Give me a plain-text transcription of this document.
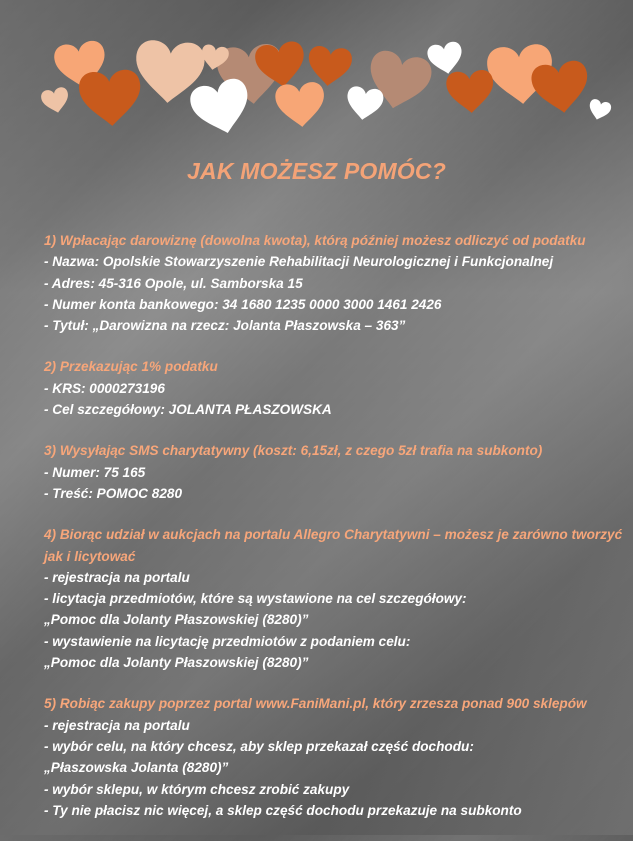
JAK MOŻESZ POMÓC?
1) Wpłacając darowiznę (dowolna kwota), którą później możesz odliczyć od podatku
- Nazwa: Opolskie Stowarzyszenie Rehabilitacji Neurologicznej i Funkcjonalnej
- Adres: 45-316 Opole, ul. Samborska 15
- Numer konta bankowego: 34 1680 1235 0000 3000 1461 2426
- Tytuł: „Darowizna na rzecz: Jolanta Płaszowska – 363”
2) Przekazując 1% podatku
- KRS: 0000273196
- Cel szczegółowy: JOLANTA PŁASZOWSKA
3) Wysyłając SMS charytatywny (koszt: 6,15zł, z czego 5zł trafia na subkonto)
- Numer: 75 165
- Treść: POMOC 8280
4) Biorąc udział w aukcjach na portalu Allegro Charytatywni – możesz je zarówno tworzyć jak i licytować
- rejestracja na portalu
- licytacja przedmiotów, które są wystawione na cel szczegółowy:
„Pomoc dla Jolanty Płaszowskiej (8280)”
- wystawienie na licytację przedmiotów z podaniem celu:
„Pomoc dla Jolanty Płaszowskiej (8280)”
5) Robiąc zakupy poprzez portal www.FaniMani.pl, który zrzesza ponad 900 sklepów
- rejestracja na portalu
- wybór celu, na który chcesz, aby sklep przekazał część dochodu:
„Płaszowska Jolanta (8280)”
- wybór sklepu, w którym chcesz zrobić zakupy
- Ty nie płacisz nic więcej, a sklep część dochodu przekazuje na subkonto
